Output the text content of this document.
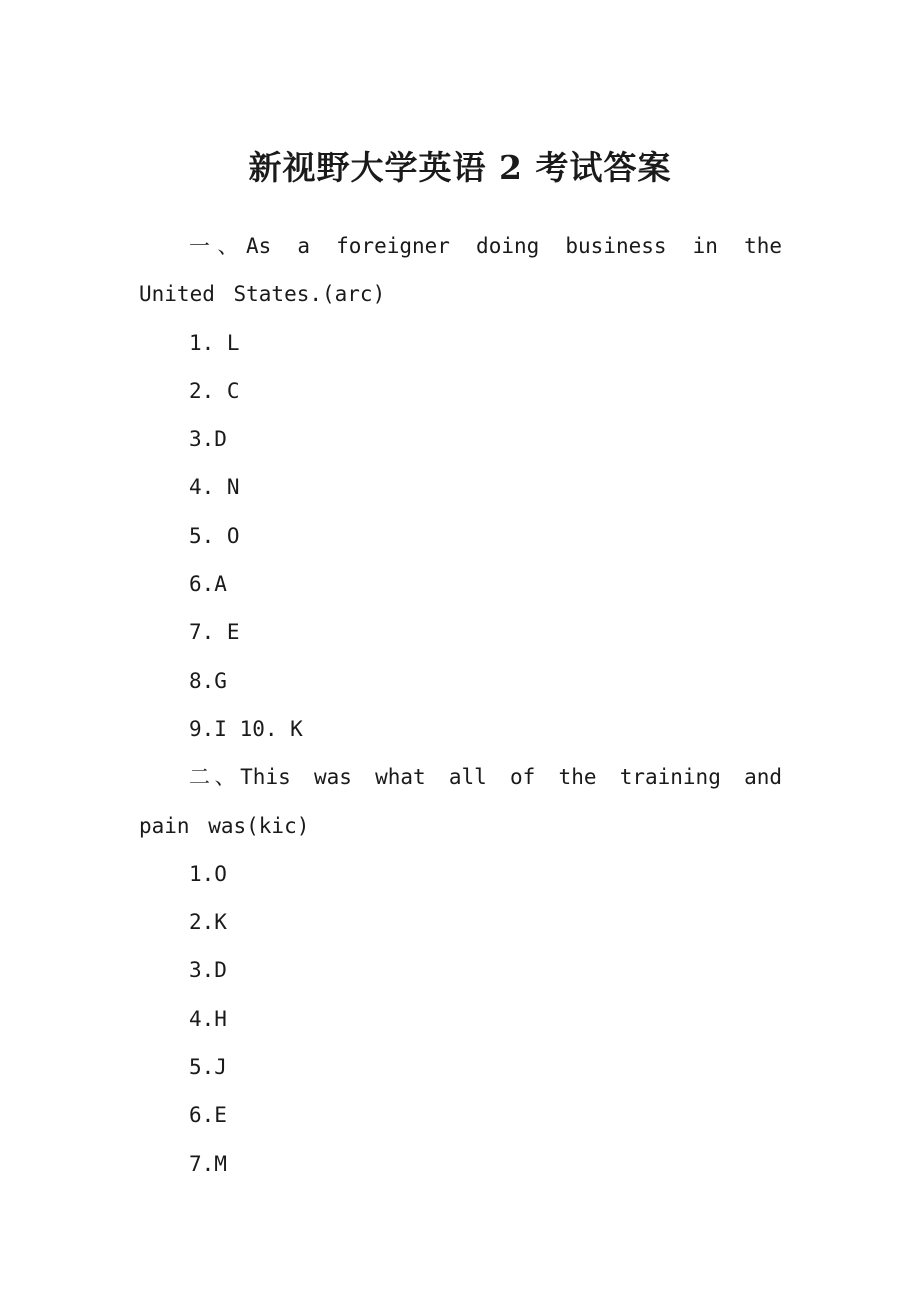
新视野大学英语 2 考试答案

一、As a foreigner doing business in the United States.(arc)

1. L

2. C

3.D

4. N

5. O

6.A

7. E

8.G

9.I 10. K

二、This was what all of the training and pain was(kic)

1.O

2.K

3.D

4.H

5.J

6.E

7.M
